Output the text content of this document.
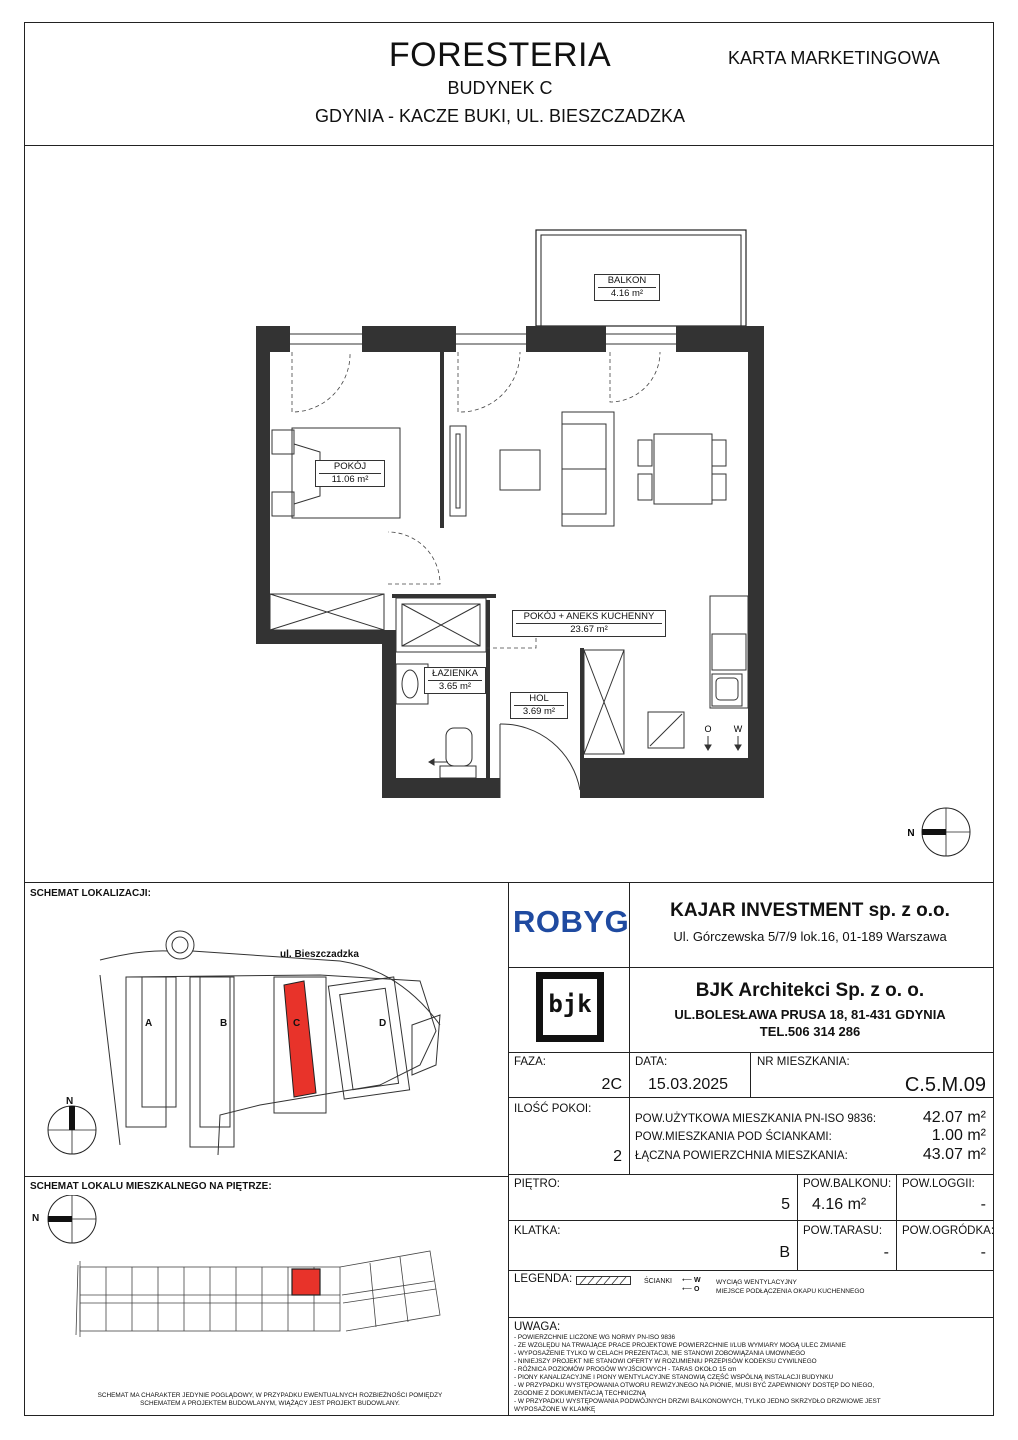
FORESTERIA
BUDYNEK C
GDYNIA - KACZE BUKI, UL. BIESZCZADZKA
KARTA MARKETINGOWA
O W
N
BALKON
4.16 m²
POKÓJ
11.06 m²
POKÓJ + ANEKS KUCHENNY
23.67 m²
ŁAZIENKA
3.65 m²
HOL
3.69 m²
SCHEMAT LOKALIZACJI:
ul. Bieszczadzka
A	B	C	D
N
SCHEMAT LOKALU MIESZKALNEGO NA PIĘTRZE:
N
SCHEMAT MA CHARAKTER JEDYNIE POGLĄDOWY, W PRZYPADKU EWENTUALNYCH ROZBIEŻNOŚCI POMIĘDZY SCHEMATEM A PROJEKTEM BUDOWLANYM, WIĄŻĄCY JEST PROJEKT BUDOWLANY.
ROBYG	KAJAR INVESTMENT sp. z o.o.
Ul. Górczewska 5/7/9 lok.16, 01-189 Warszawa
bjk	BJK Architekci Sp. z o. o.
UL.BOLESŁAWA PRUSA 18, 81-431 GDYNIA
TEL.506 314 286
FAZA:
2C
DATA:
15.03.2025
NR MIESZKANIA:
C.5.M.09
ILOŚĆ POKOI:
2
POW.UŻYTKOWA MIESZKANIA PN-ISO 9836:	42.07 m²
POW.MIESZKANIA POD ŚCIANKAMI:	1.00 m²
ŁĄCZNA POWIERZCHNIA MIESZKANIA:	43.07 m²
PIĘTRO:
5
POW.BALKONU:
4.16 m²
POW.LOGGII:
-
KLATKA:
B
POW.TARASU:
-
POW.OGRÓDKA:
-
LEGENDA:	ŚCIANKI ⟵ W WYCIĄG WENTYLACYJNY
⟵ O	MIEJSCE PODŁĄCZENIA OKAPU KUCHENNEGO
UWAGA:
- POWIERZCHNIE LICZONE WG NORMY PN-ISO 9836
- ZE WZGLĘDU NA TRWAJĄCE PRACE PROJEKTOWE POWIERZCHNIE I/LUB WYMIARY MOGĄ ULEC ZMIANIE
- WYPOSAŻENIE TYLKO W CELACH PREZENTACJI, NIE STANOWI ZOBOWIĄZANIA UMOWNEGO
- NINIEJSZY PROJEKT NIE STANOWI OFERTY W ROZUMIENIU PRZEPISÓW KODEKSU CYWILNEGO
- RÓŻNICA POZIOMÓW PROGÓW WYJŚCIOWYCH - TARAS OKOŁO 15 cm
- PIONY KANALIZACYJNE I PIONY WENTYLACYJNE STANOWIĄ CZĘŚĆ WSPÓLNĄ INSTALACJI BUDYNKU
- W PRZYPADKU WYSTĘPOWANIA OTWORU REWIZYJNEGO NA PIONIE, MUSI BYĆ ZAPEWNIONY DOSTĘP DO NIEGO, ZGODNIE Z DOKUMENTACJĄ TECHNICZNĄ
- W PRZYPADKU WYSTĘPOWANIA PODWÓJNYCH DRZWI BALKONOWYCH, TYLKO JEDNO SKRZYDŁO DRZWIOWE JEST WYPOSAŻONE W KLAMKĘ
